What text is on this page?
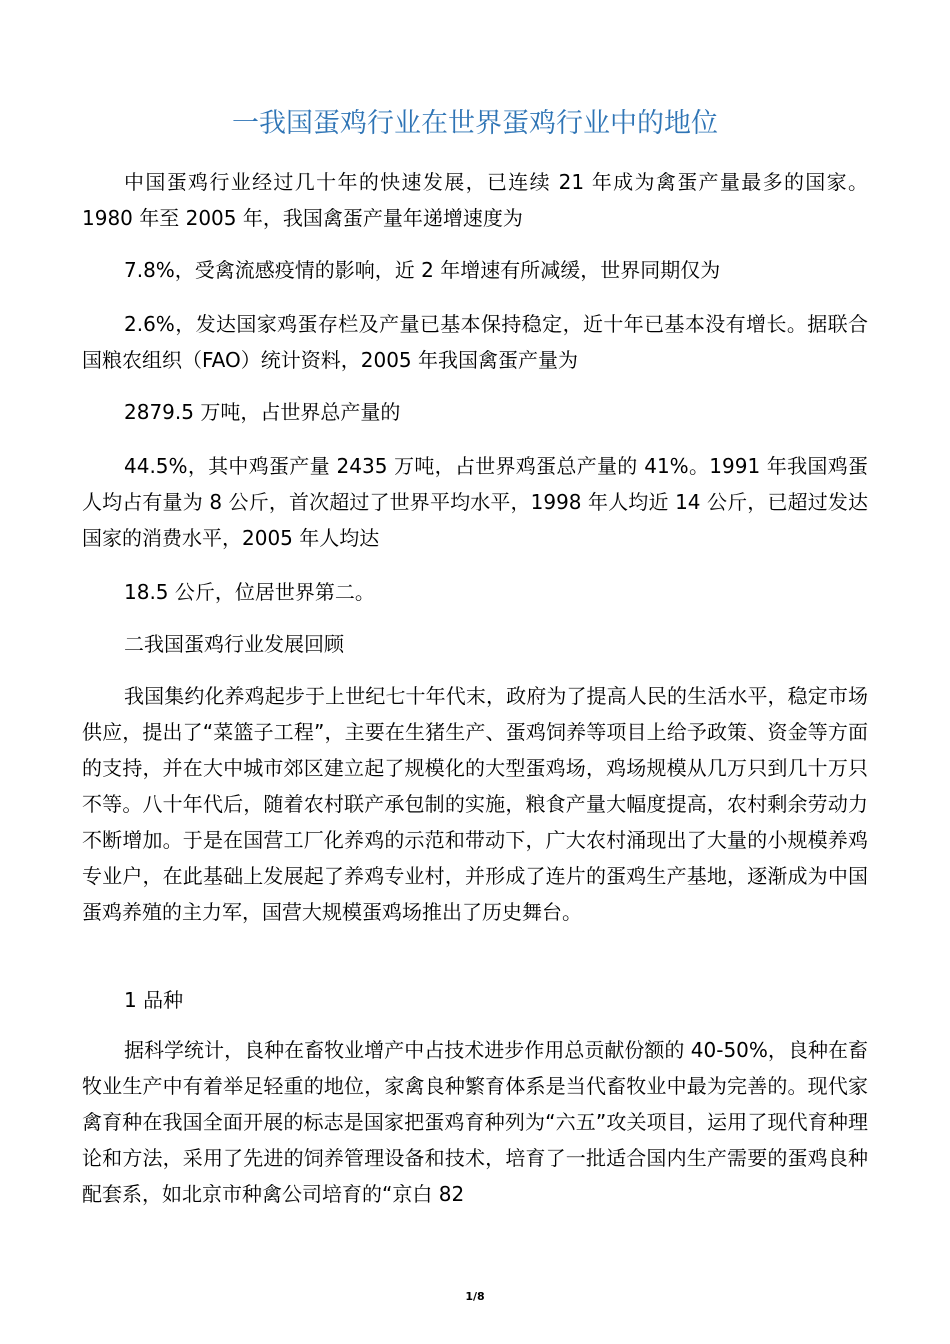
一我国蛋鸡行业在世界蛋鸡行业中的地位

中国蛋鸡行业经过几十年的快速发展，已连续 21 年成为禽蛋产量最多的国家。1980 年至 2005 年，我国禽蛋产量年递增速度为

7.8%，受禽流感疫情的影响，近 2 年增速有所减缓，世界同期仅为

2.6%，发达国家鸡蛋存栏及产量已基本保持稳定，近十年已基本没有增长。据联合国粮农组织（FAO）统计资料，2005 年我国禽蛋产量为

2879.5 万吨，占世界总产量的

44.5%，其中鸡蛋产量 2435 万吨，占世界鸡蛋总产量的 41%。1991 年我国鸡蛋人均占有量为 8 公斤，首次超过了世界平均水平，1998 年人均近 14 公斤，已超过发达国家的消费水平，2005 年人均达

18.5 公斤，位居世界第二。

二我国蛋鸡行业发展回顾

我国集约化养鸡起步于上世纪七十年代末，政府为了提高人民的生活水平，稳定市场供应，提出了“菜篮子工程”，主要在生猪生产、蛋鸡饲养等项目上给予政策、资金等方面的支持，并在大中城市郊区建立起了规模化的大型蛋鸡场，鸡场规模从几万只到几十万只不等。八十年代后，随着农村联产承包制的实施，粮食产量大幅度提高，农村剩余劳动力不断增加。于是在国营工厂化养鸡的示范和带动下，广大农村涌现出了大量的小规模养鸡专业户，在此基础上发展起了养鸡专业村，并形成了连片的蛋鸡生产基地，逐渐成为中国蛋鸡养殖的主力军，国营大规模蛋鸡场推出了历史舞台。

1 品种

据科学统计，良种在畜牧业增产中占技术进步作用总贡献份额的 40-50%，良种在畜牧业生产中有着举足轻重的地位，家禽良种繁育体系是当代畜牧业中最为完善的。现代家禽育种在我国全面开展的标志是国家把蛋鸡育种列为“六五”攻关项目，运用了现代育种理论和方法，采用了先进的饲养管理设备和技术，培育了一批适合国内生产需要的蛋鸡良种配套系，如北京市种禽公司培育的“京白 82

1/8
